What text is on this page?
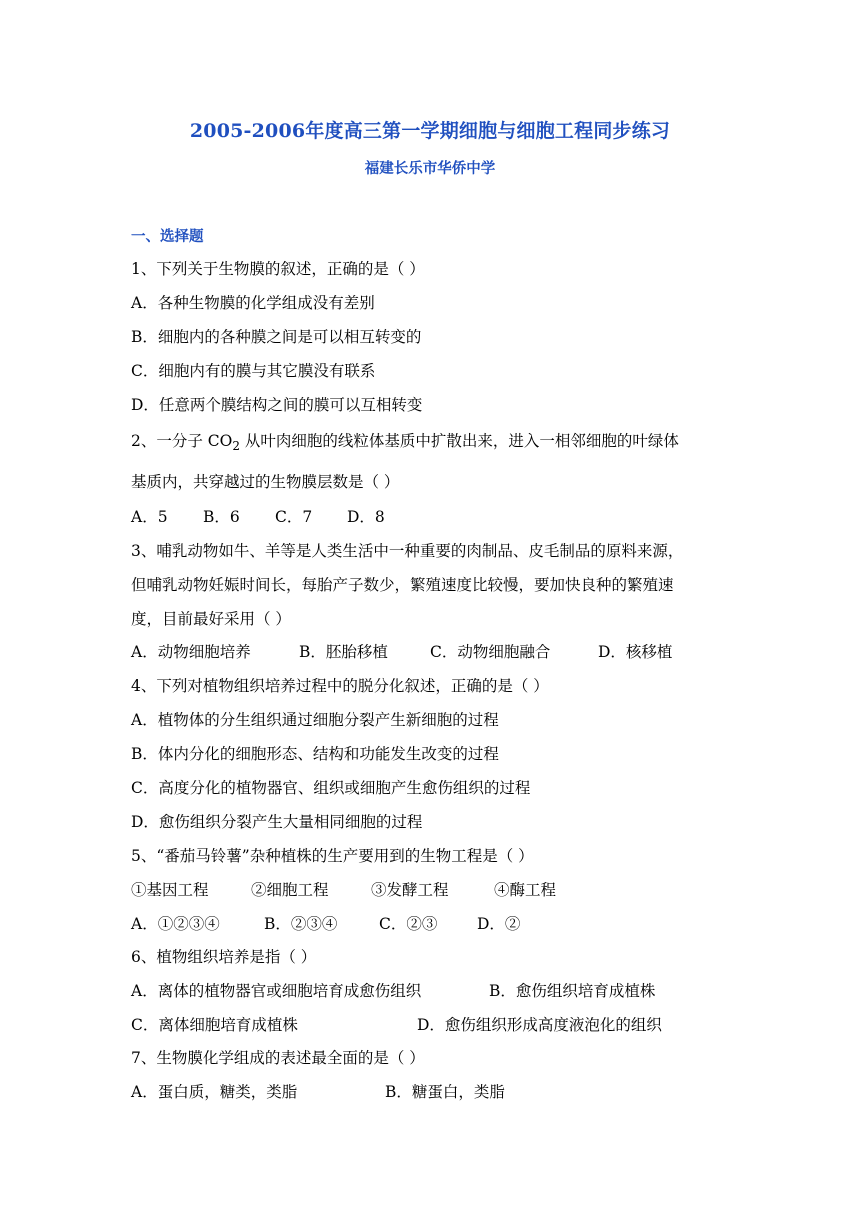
2005-2006年度高三第一学期细胞与细胞工程同步练习
福建长乐市华侨中学
一、选择题
1、下列关于生物膜的叙述，正确的是（ ）
A．各种生物膜的化学组成没有差别
B．细胞内的各种膜之间是可以相互转变的
C．细胞内有的膜与其它膜没有联系
D．任意两个膜结构之间的膜可以互相转变
2、一分子 $CO_2$ 从叶肉细胞的线粒体基质中扩散出来，进入一相邻细胞的叶绿体
基质内，共穿越过的生物膜层数是（ ）
A．5 B．6 C．7 D．8
3、哺乳动物如牛、羊等是人类生活中一种重要的肉制品、皮毛制品的原料来源，
但哺乳动物妊娠时间长，每胎产子数少，繁殖速度比较慢，要加快良种的繁殖速
度，目前最好采用（ ）
A．动物细胞培养	B．胚胎移植	C．动物细胞融合	D．核移植
4、下列对植物组织培养过程中的脱分化叙述，正确的是（ ）
A．植物体的分生组织通过细胞分裂产生新细胞的过程
B．体内分化的细胞形态、结构和功能发生改变的过程
C．高度分化的植物器官、组织或细胞产生愈伤组织的过程
D．愈伤组织分裂产生大量相同细胞的过程
5、“番茄马铃薯”杂种植株的生产要用到的生物工程是（ ）
①基因工程	②细胞工程	③发酵工程	④酶工程
A．①②③④	B．②③④	C．②③	D．②
6、植物组织培养是指（ ）
A．离体的植物器官或细胞培育成愈伤组织	B．愈伤组织培育成植株
C．离体细胞培育成植株	D．愈伤组织形成高度液泡化的组织
7、生物膜化学组成的表述最全面的是（ ）
A．蛋白质，糖类，类脂	B．糖蛋白，类脂
